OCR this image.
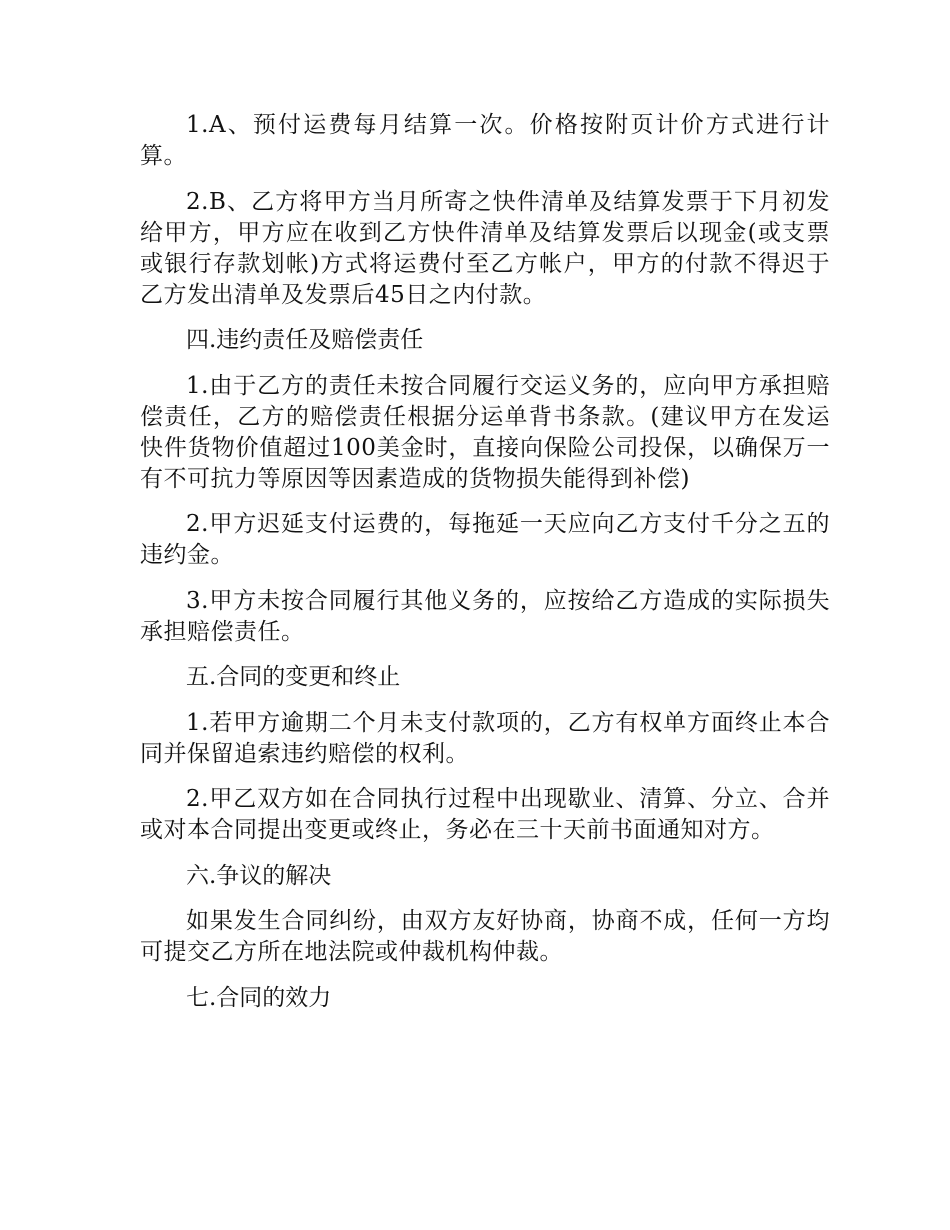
1.A、预付运费每月结算一次。价格按附页计价方式进行计算。

2.B、乙方将甲方当月所寄之快件清单及结算发票于下月初发给甲方，甲方应在收到乙方快件清单及结算发票后以现金(或支票或银行存款划帐)方式将运费付至乙方帐户，甲方的付款不得迟于乙方发出清单及发票后45日之内付款。

四.违约责任及赔偿责任

1.由于乙方的责任未按合同履行交运义务的，应向甲方承担赔偿责任，乙方的赔偿责任根据分运单背书条款。(建议甲方在发运快件货物价值超过100美金时，直接向保险公司投保，以确保万一有不可抗力等原因等因素造成的货物损失能得到补偿)

2.甲方迟延支付运费的，每拖延一天应向乙方支付千分之五的违约金。

3.甲方未按合同履行其他义务的，应按给乙方造成的实际损失承担赔偿责任。

五.合同的变更和终止

1.若甲方逾期二个月未支付款项的，乙方有权单方面终止本合同并保留追索违约赔偿的权利。

2.甲乙双方如在合同执行过程中出现歇业、清算、分立、合并或对本合同提出变更或终止，务必在三十天前书面通知对方。

六.争议的解决

如果发生合同纠纷，由双方友好协商，协商不成，任何一方均可提交乙方所在地法院或仲裁机构仲裁。

七.合同的效力
